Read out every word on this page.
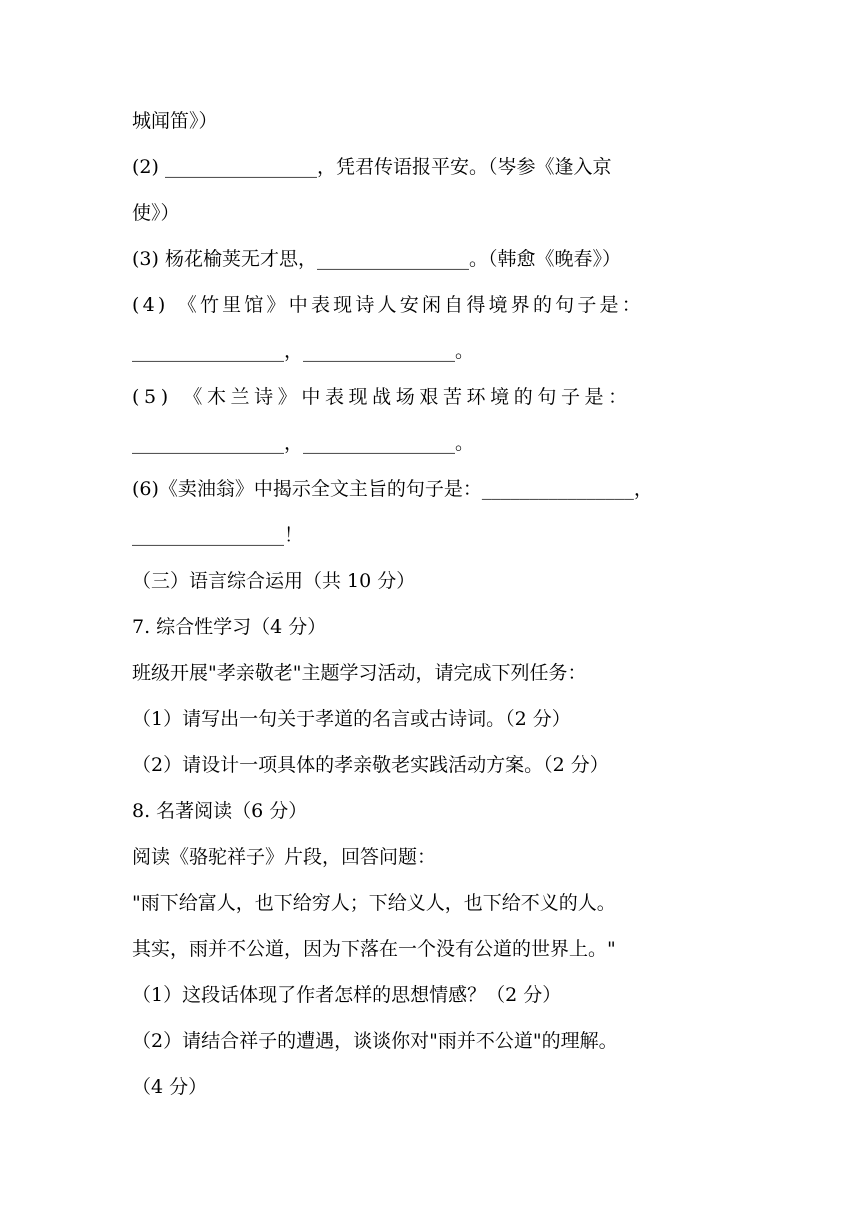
城闻笛》）
(2) ________________，凭君传语报平安。（岑参《逢入京
使》）
(3) 杨花榆荚无才思，________________。（韩愈《晚春》）
(4) 《竹里馆》中表现诗人安闲自得境界的句子是：
________________，________________。
(5) 《木兰诗》中表现战场艰苦环境的句子是：
________________，________________。
(6)《卖油翁》中揭示全文主旨的句子是：________________，
________________！
（三）语言综合运用（共 10 分）
7. 综合性学习（4 分）
班级开展"孝亲敬老"主题学习活动，请完成下列任务：
（1）请写出一句关于孝道的名言或古诗词。（2 分）
（2）请设计一项具体的孝亲敬老实践活动方案。（2 分）
8. 名著阅读（6 分）
阅读《骆驼祥子》片段，回答问题：
"雨下给富人，也下给穷人；下给义人，也下给不义的人。
其实，雨并不公道，因为下落在一个没有公道的世界上。"
（1）这段话体现了作者怎样的思想情感？（2 分）
（2）请结合祥子的遭遇，谈谈你对"雨并不公道"的理解。
（4 分）
